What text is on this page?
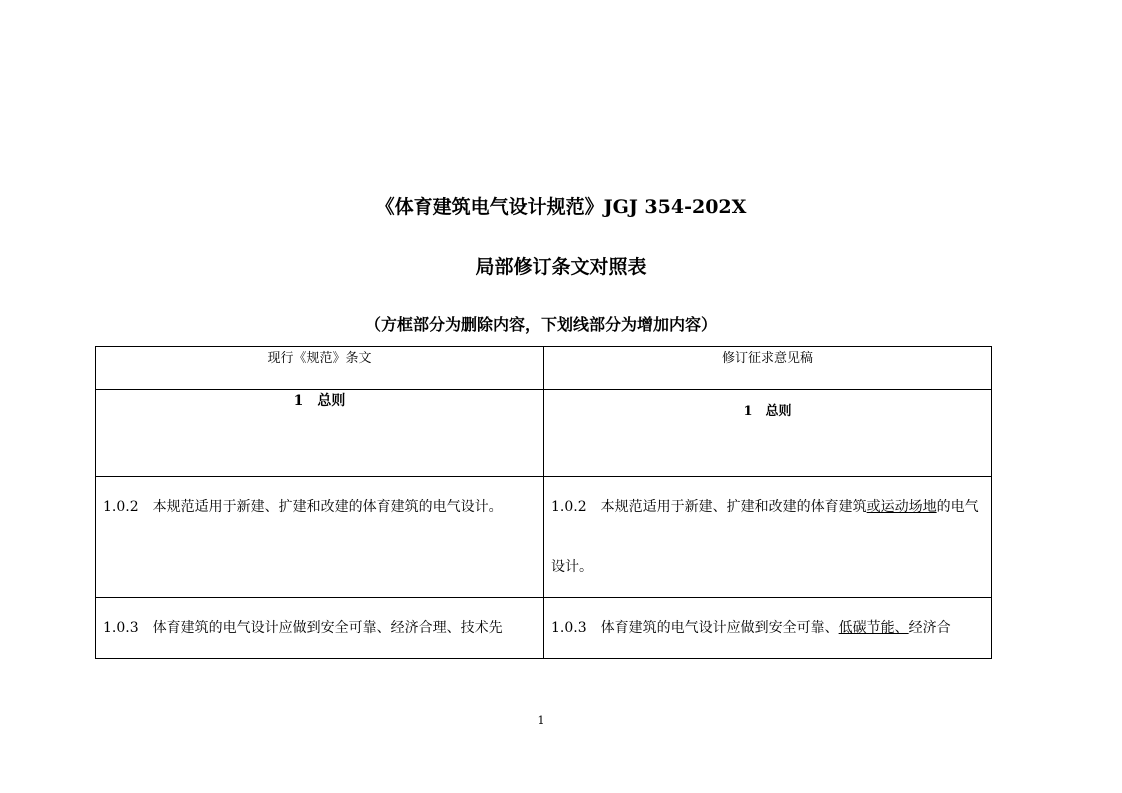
《体育建筑电气设计规范》JGJ 354-202X
局部修订条文对照表
（方框部分为删除内容，下划线部分为增加内容）
现行《规范》条文	修订征求意见稿
1　总则	1　总则

1.0.2 本规范适用于新建、扩建和改建的体育建筑的电气设计。	1.0.2 本规范适用于新建、扩建和改建的体育建筑或运动场地的电气设计。

1.0.3 体育建筑的电气设计应做到安全可靠、经济合理、技术先	1.0.3 体育建筑的电气设计应做到安全可靠、低碳节能、经济合
1
